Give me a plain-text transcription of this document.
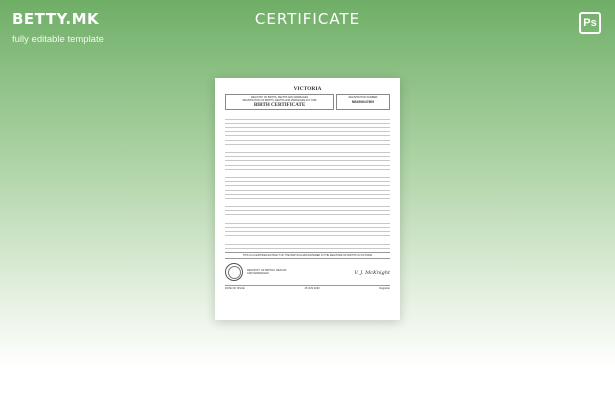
BETTY.MK
fully editable template
CERTIFICATE	Ps
VICTORIA
REGISTRY OF BIRTHS, DEATHS AND MARRIAGES
REGISTRATION OF BIRTHS, DEATHS AND MARRIAGES ACT 1996
BIRTH CERTIFICATE
REGISTRATION NUMBER
NB4506/47809

THIS IS A CERTIFIED EXTRACT OF THE PARTICULARS ENTERED IN THE REGISTER OF BIRTHS IN VICTORIA
REGISTRY OF BIRTHS, DEATHS AND MARRIAGES	V. J. McKnight
DATE OF ISSUE	15 JUN 2020	Registrar
